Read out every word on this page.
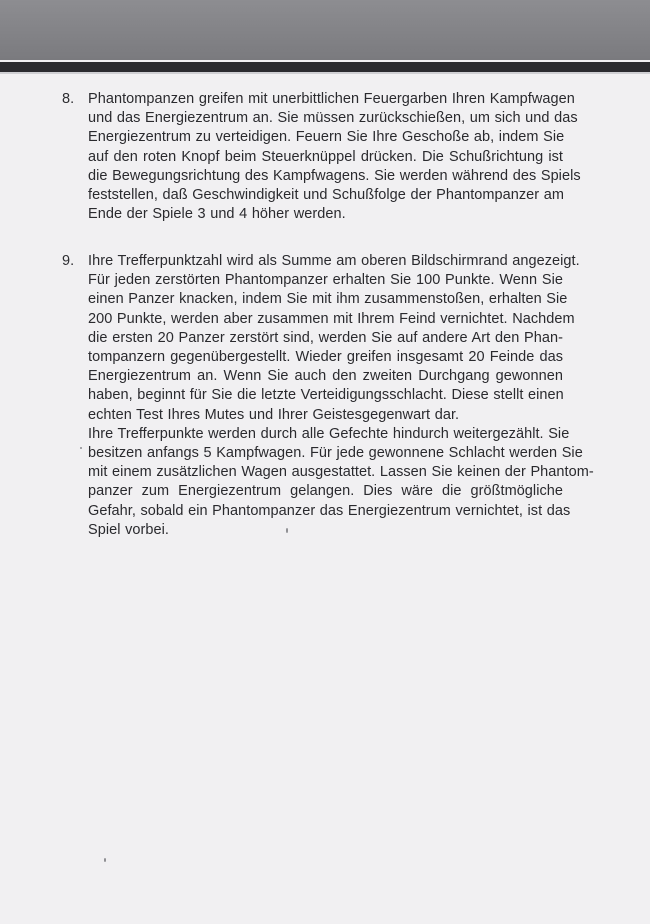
8. Phantompanzen greifen mit unerbittlichen Feuergarben Ihren Kampfwagen
und das Energiezentrum an. Sie müssen zurückschießen, um sich und das
Energiezentrum zu verteidigen. Feuern Sie Ihre Geschoße ab, indem Sie
auf den roten Knopf beim Steuerknüppel drücken. Die Schußrichtung ist
die Bewegungsrichtung des Kampfwagens. Sie werden während des Spiels
feststellen, daß Geschwindigkeit und Schußfolge der Phantompanzer am
Ende der Spiele 3 und 4 höher werden.
9. Ihre Trefferpunktzahl wird als Summe am oberen Bildschirmrand angezeigt.
Für jeden zerstörten Phantompanzer erhalten Sie 100 Punkte. Wenn Sie
einen Panzer knacken, indem Sie mit ihm zusammenstoßen, erhalten Sie
200 Punkte, werden aber zusammen mit Ihrem Feind vernichtet. Nachdem
die ersten 20 Panzer zerstört sind, werden Sie auf andere Art den Phan-
tompanzern gegenübergestellt. Wieder greifen insgesamt 20 Feinde das
Energiezentrum an. Wenn Sie auch den zweiten Durchgang gewonnen
haben, beginnt für Sie die letzte Verteidigungsschlacht. Diese stellt einen
echten Test Ihres Mutes und Ihrer Geistesgegenwart dar.
Ihre Trefferpunkte werden durch alle Gefechte hindurch weitergezählt. Sie
besitzen anfangs 5 Kampfwagen. Für jede gewonnene Schlacht werden Sie
mit einem zusätzlichen Wagen ausgestattet. Lassen Sie keinen der Phantom-
panzer zum Energiezentrum gelangen. Dies wäre die größtmögliche
Gefahr, sobald ein Phantompanzer das Energiezentrum vernichtet, ist das
Spiel vorbei.
